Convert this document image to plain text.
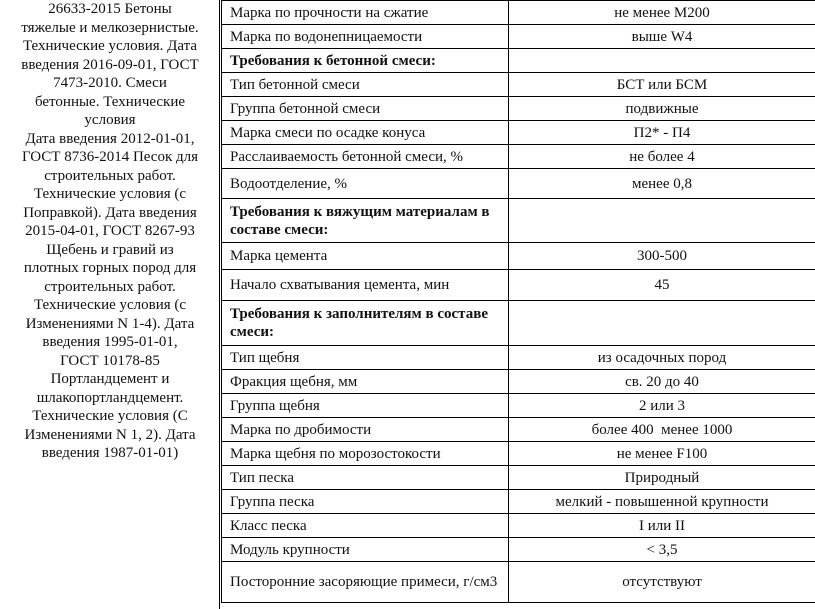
26633-2015 Бетоны
тяжелые и мелкозернистые.
Технические условия. Дата
введения 2016-09-01, ГОСТ
7473-2010. Смеси
бетонные. Технические
условия
Дата введения 2012-01-01,
ГОСТ 8736-2014 Песок для
строительных работ.
Технические условия (с
Поправкой). Дата введения
2015-04-01, ГОСТ 8267-93
Щебень и гравий из
плотных горных пород для
строительных работ.
Технические условия (с
Изменениями N 1-4). Дата
введения 1995-01-01,
ГОСТ 10178-85
Портландцемент и
шлакопортландцемент.
Технические условия (С
Изменениями N 1, 2). Дата
введения 1987-01-01)
Марка по прочности на сжатие	не менее М200
Марка по водонепницаемости	выше W4
Требования к бетонной смеси:	
Тип бетонной смеси	БСТ или БСМ
Группа бетонной смеси	подвижные
Марка смеси по осадке конуса	П2* - П4
Расслаиваемость бетонной смеси, %	не более 4
Водоотделение, %	менее 0,8
Требования к вяжущим материалам в составе смеси:	
Марка цемента	300-500
Начало схватывания цемента, мин	45
Требования к заполнителям в составе смеси:	
Тип щебня	из осадочных пород
Фракция щебня, мм	св. 20 до 40
Группа щебня	2 или 3
Марка по дробимости	более 400  менее 1000
Марка щебня по морозостокости	не менее F100
Тип песка	Природный
Группа песка	мелкий - повышенной крупности
Класс песка	I или II
Модуль крупности	< 3,5
Посторонние засоряющие примеси, г/см3	отсутствуют
